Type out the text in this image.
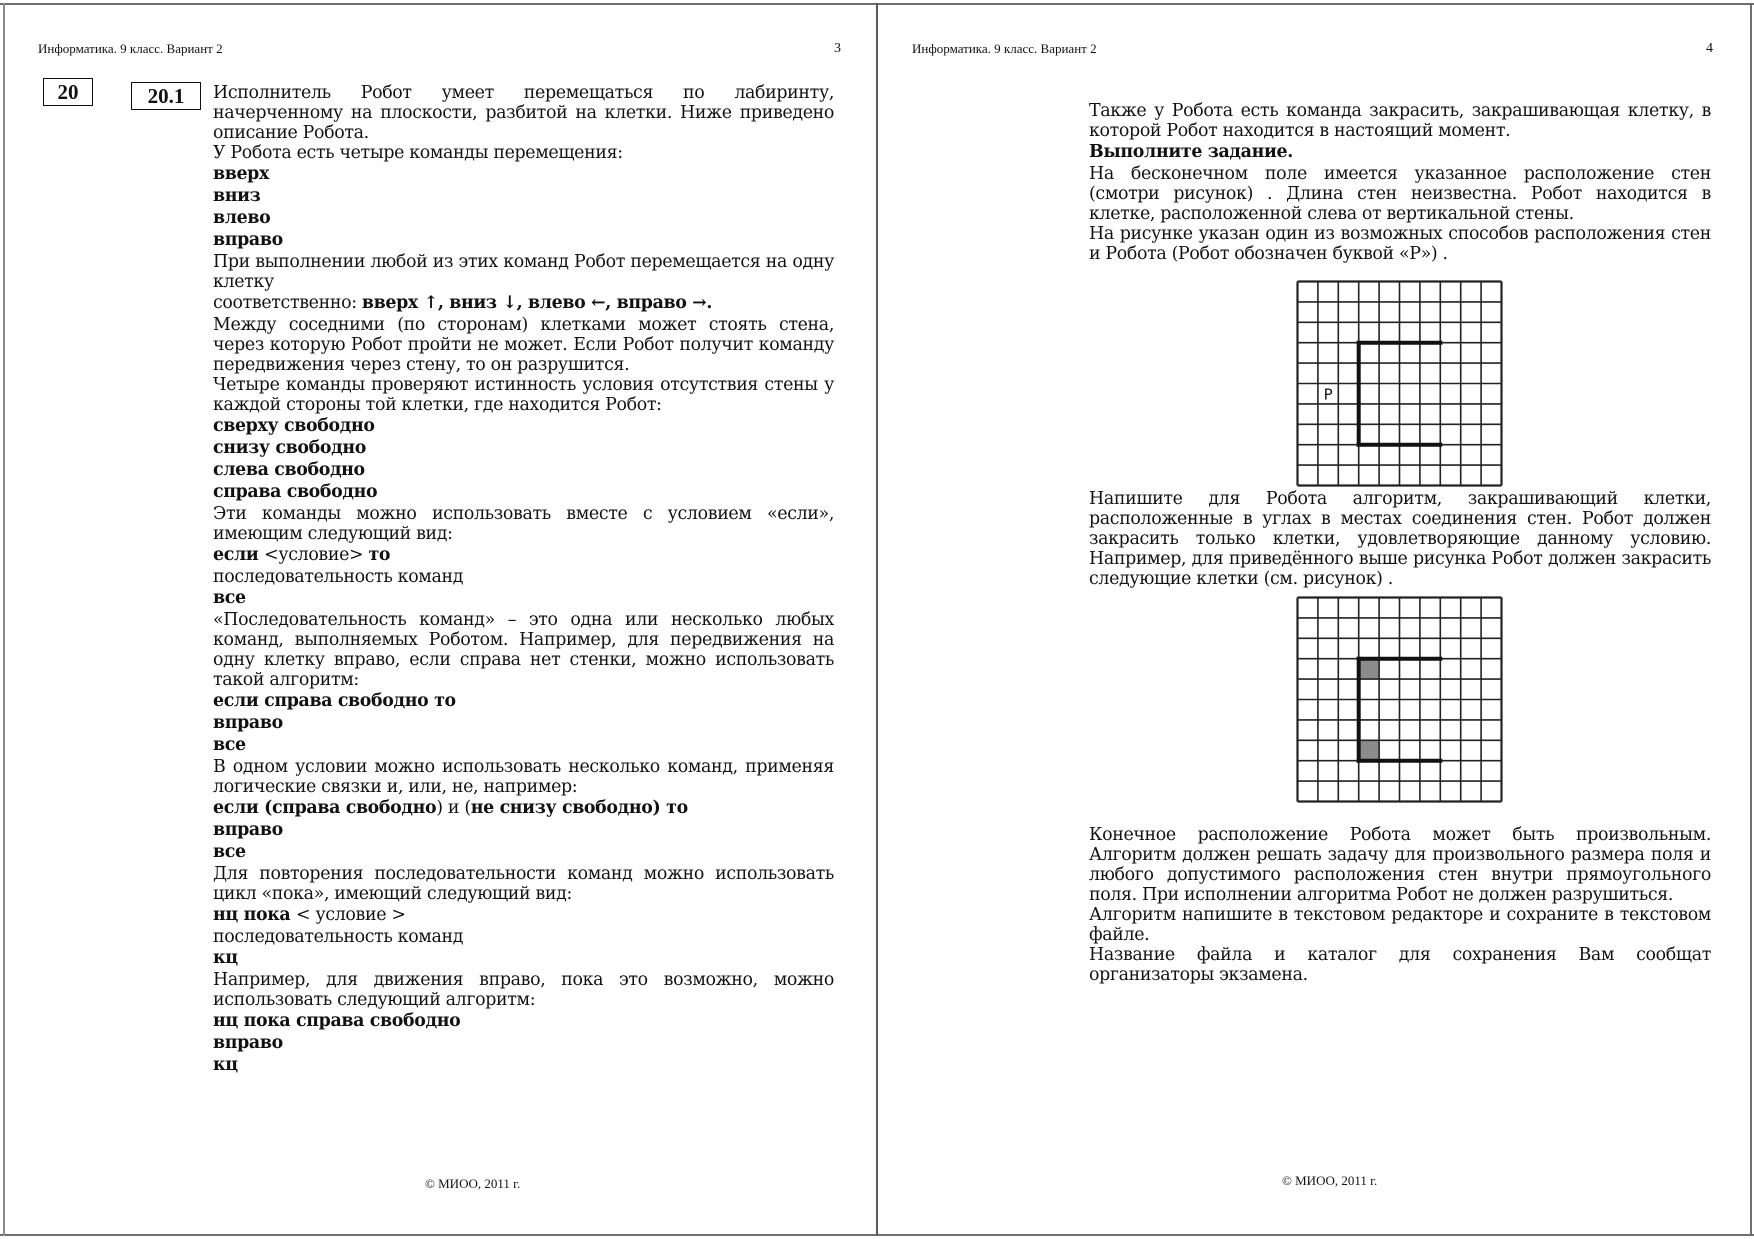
Информатика. 9 класс. Вариант 2	3
20	20.1	Исполнитель Робот умеет перемещаться по лабиринту, начерченному на плоскости, разбитой на клетки. Ниже приведено описание Робота.

У Робота есть четыре команды перемещения:

вверх

вниз

влево

вправо

При выполнении любой из этих команд Робот перемещается на одну клетку

соответственно: вверх ↑, вниз ↓, влево ←, вправо →.

Между соседними (по сторонам) клетками может стоять стена, через которую Робот пройти не может. Если Робот получит команду передвижения через стену, то он разрушится.

Четыре команды проверяют истинность условия отсутствия стены у каждой стороны той клетки, где находится Робот:

сверху свободно

снизу свободно

слева свободно

справа свободно

Эти команды можно использовать вместе с условием «если», имеющим следующий вид:

если <условие> то

последовательность команд

все

«Последовательность команд» – это одна или несколько любых команд, выполняемых Роботом. Например, для передвижения на одну клетку вправо, если справа нет стенки, можно использовать такой алгоритм:

если справа свободно то

вправо

все

В одном условии можно использовать несколько команд, применяя логические связки и, или, не, например:

если (справа свободно) и (не снизу свободно) то

вправо

все

Для повторения последовательности команд можно использовать цикл «пока», имеющий следующий вид:

нц пока < условие >

последовательность команд

кц

Например, для движения вправо, пока это возможно, можно использовать следующий алгоритм:

нц пока справа свободно

вправо

кц

© МИОО, 2011 г.
Информатика. 9 класс. Вариант 2	4

Также у Робота есть команда закрасить, закрашивающая клетку, в которой Робот находится в настоящий момент.

Выполните задание.

На бесконечном поле имеется указанное расположение стен (смотри рисунок) . Длина стен неизвестна. Робот находится в клетке, расположенной слева от вертикальной стены.

На рисунке указан один из возможных способов расположения стен и Робота (Робот обозначен буквой «Р») .

Р

Напишите для Робота алгоритм, закрашивающий клетки, расположенные в углах в местах соединения стен. Робот должен закрасить только клетки, удовлетворяющие данному условию. Например, для приведённого выше рисунка Робот должен закрасить следующие клетки (см. рисунок) .

Конечное расположение Робота может быть произвольным. Алгоритм должен решать задачу для произвольного размера поля и любого допустимого расположения стен внутри прямоугольного поля. При исполнении алгоритма Робот не должен разрушиться.

Алгоритм напишите в текстовом редакторе и сохраните в текстовом файле.

Название файла и каталог для сохранения Вам сообщат организаторы экзамена.

© МИОО, 2011 г.
